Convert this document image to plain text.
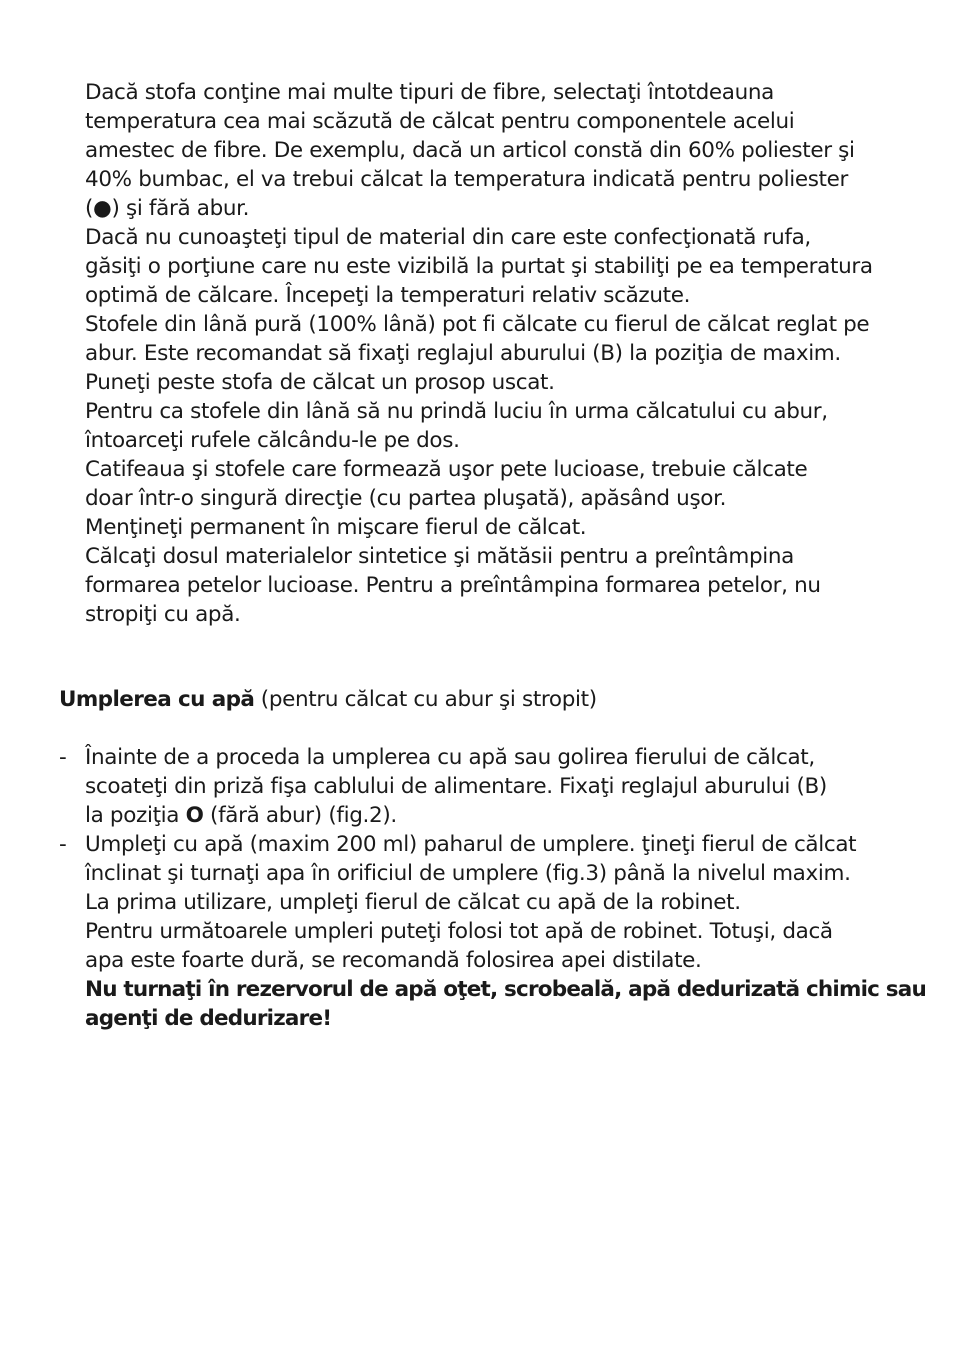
Dacă stofa conţine mai multe tipuri de fibre, selectaţi întotdeauna
temperatura cea mai scăzută de călcat pentru componentele acelui
amestec de fibre. De exemplu, dacă un articol constă din 60% poliester şi
40% bumbac, el va trebui călcat la temperatura indicată pentru poliester
(●) şi fără abur.
Dacă nu cunoaşteţi tipul de material din care este confecţionată rufa,
găsiţi o porţiune care nu este vizibilă la purtat şi stabiliţi pe ea temperatura
optimă de călcare. Începeţi la temperaturi relativ scăzute.
Stofele din lână pură (100% lână) pot fi călcate cu fierul de călcat reglat pe
abur. Este recomandat să fixaţi reglajul aburului (B) la poziţia de maxim.
Puneţi peste stofa de călcat un prosop uscat.
Pentru ca stofele din lână să nu prindă luciu în urma călcatului cu abur,
întoarceţi rufele călcându-le pe dos.
Catifeaua şi stofele care formează uşor pete lucioase, trebuie călcate
doar într-o singură direcţie (cu partea pluşată), apăsând uşor.
Menţineţi permanent în mişcare fierul de călcat.
Călcaţi dosul materialelor sintetice şi mătăsii pentru a preîntâmpina
formarea petelor lucioase. Pentru a preîntâmpina formarea petelor, nu
stropiţi cu apă.
Umplerea cu apă (pentru călcat cu abur şi stropit)
- Înainte de a proceda la umplerea cu apă sau golirea fierului de călcat,
scoateţi din priză fişa cablului de alimentare. Fixaţi reglajul aburului (B)
la poziţia O (fără abur) (fig.2).
- Umpleţi cu apă (maxim 200 ml) paharul de umplere. ţineţi fierul de călcat
înclinat şi turnaţi apa în orificiul de umplere (fig.3) până la nivelul maxim.
La prima utilizare, umpleţi fierul de călcat cu apă de la robinet.
Pentru următoarele umpleri puteţi folosi tot apă de robinet. Totuşi, dacă
apa este foarte dură, se recomandă folosirea apei distilate.
Nu turnaţi în rezervorul de apă oţet, scrobeală, apă dedurizată chimic sau
agenţi de dedurizare!
